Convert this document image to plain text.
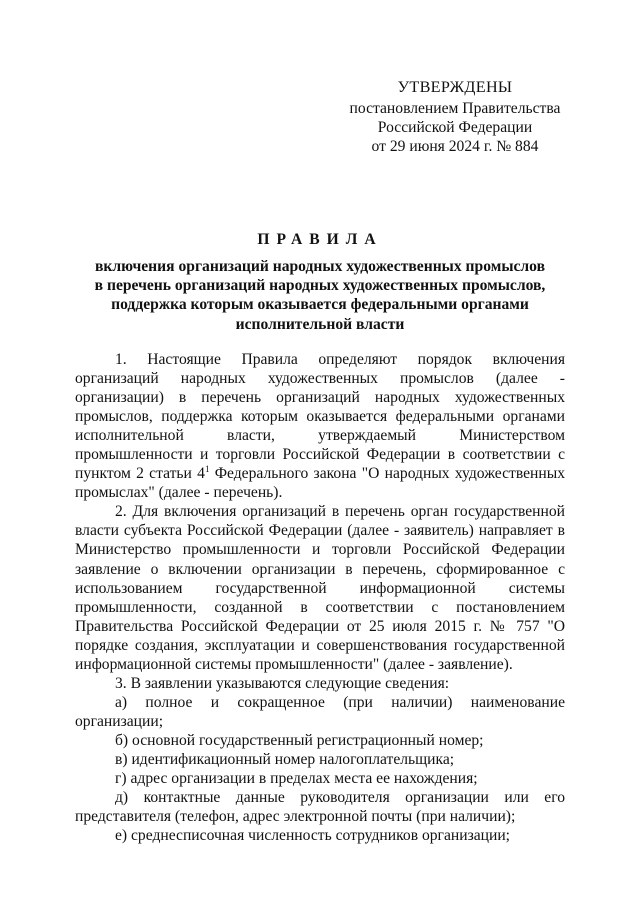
УТВЕРЖДЕНЫ
постановлением Правительства
Российской Федерации
от 29 июня 2024 г. № 884
ПРАВИЛА
включения организаций народных художественных промыслов
в перечень организаций народных художественных промыслов,
поддержка которым оказывается федеральными органами
исполнительной власти

1. Настоящие Правила определяют порядок включения организаций народных художественных промыслов (далее - организации) в перечень организаций народных художественных промыслов, поддержка которым оказывается федеральными органами исполнительной власти, утверждаемый Министерством промышленности и торговли Российской Федерации в соответствии с пунктом 2 статьи $4^1$ Федерального закона "О народных художественных промыслах" (далее - перечень).

2. Для включения организаций в перечень орган государственной власти субъекта Российской Федерации (далее - заявитель) направляет в Министерство промышленности и торговли Российской Федерации заявление о включении организации в перечень, сформированное с использованием государственной информационной системы промышленности, созданной в соответствии с постановлением Правительства Российской Федерации от 25 июля 2015 г. № 757 "О порядке создания, эксплуатации и совершенствования государственной информационной системы промышленности" (далее - заявление).

3. В заявлении указываются следующие сведения:

а) полное и сокращенное (при наличии) наименование организации;

б) основной государственный регистрационный номер;

в) идентификационный номер налогоплательщика;

г) адрес организации в пределах места ее нахождения;

д) контактные данные руководителя организации или его представителя (телефон, адрес электронной почты (при наличии);

е) среднесписочная численность сотрудников организации;
